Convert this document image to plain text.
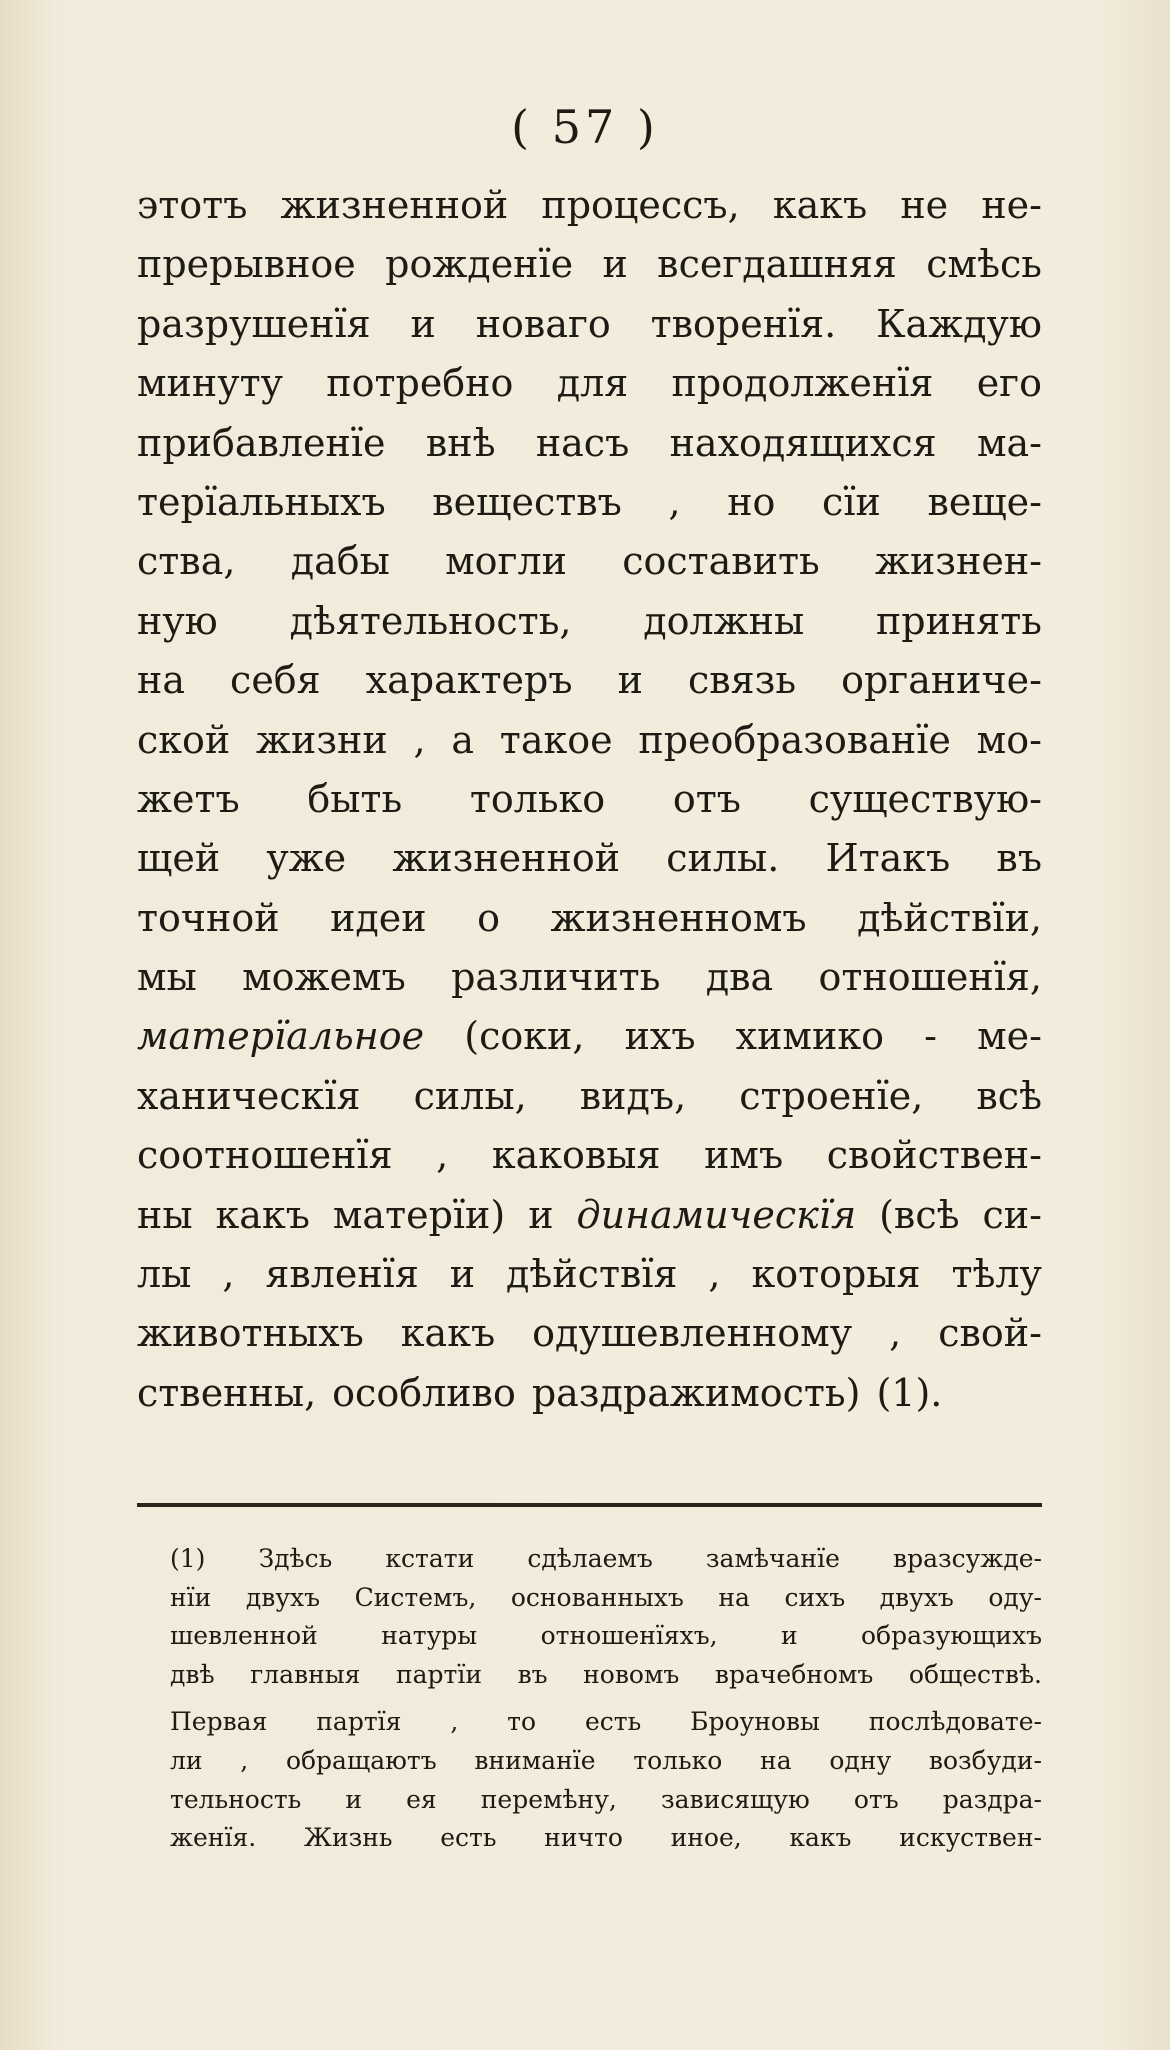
( 57 )
этотъ жизненной процессъ, какъ не не-
прерывное рожденїе и всегдашняя смѣсь
разрушенїя и новаго творенїя. Каждую
минуту потребно для продолженїя его
прибавленїе внѣ насъ находящихся ма-
терїальныхъ веществъ , но сїи веще-
ства, дабы могли составить жизнен-
ную дѣятельность, должны принять
на себя характеръ и связь органиче-
ской жизни , а такое преобразованїе мо-
жетъ быть только отъ существую-
щей уже жизненной силы. Итакъ въ
точной идеи о жизненномъ дѣйствїи,
мы можемъ различить два отношенїя,
матерїальное (соки, ихъ химико - ме-
ханическїя силы, видъ, строенїе, всѣ
соотношенїя , каковыя имъ свойствен-
ны какъ матерїи) и динамическїя (всѣ си-
лы , явленїя и дѣйствїя , которыя тѣлу
животныхъ какъ одушевленному , свой-
ственны, особливо раздражимость) (1).
(1) Здѣсь кстати сдѣлаемъ замѣчанїе вразсужде-
нїи двухъ Системъ, основанныхъ на сихъ двухъ оду-
шевленной	натуры	отношенїяхъ,	и	образующихъ
двѣ главныя партїи въ новомъ врачебномъ обществѣ.
Первая партїя , то есть Броуновы послѣдовате-
ли , обращаютъ вниманїе только на одну возбуди-
тельность и ея перемѣну, зависящую отъ раздра-
женїя. Жизнь есть ничто иное, какъ искуствен-
